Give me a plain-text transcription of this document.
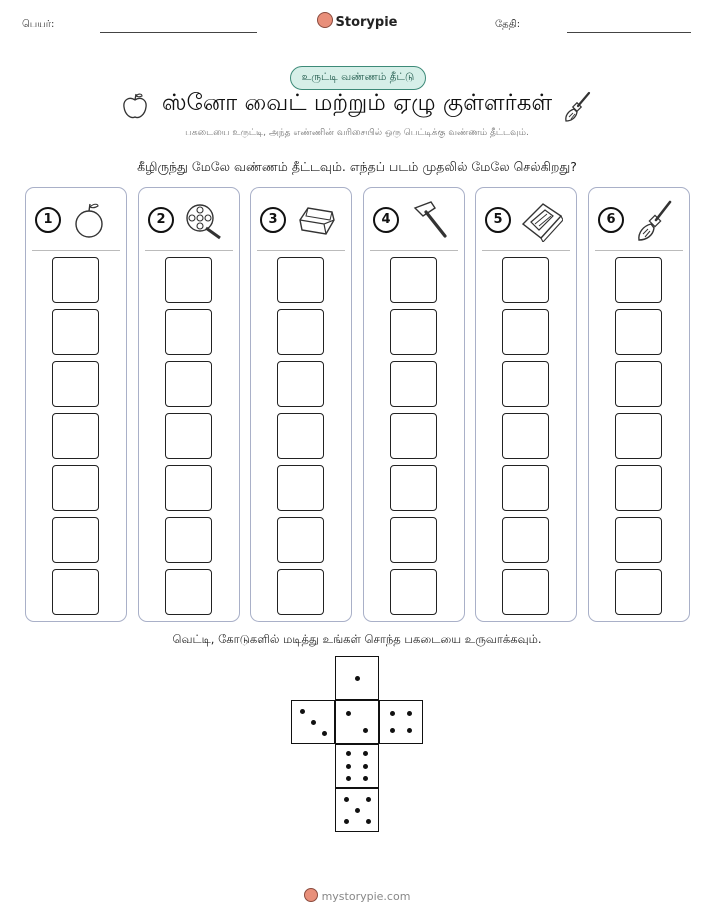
பெயர்:	Storypie	தேதி:
உருட்டி வண்ணம் தீட்டு
ஸ்னோ வைட் மற்றும் ஏழு குள்ளர்கள்
பகடையை உருட்டி, அந்த எண்ணின் வரிசையில் ஒரு பெட்டிக்கு வண்ணம் தீட்டவும்.
கீழிருந்து மேலே வண்ணம் தீட்டவும். எந்தப் படம் முதலில் மேலே செல்கிறது?
1	2	3	4	5	6
வெட்டி, கோடுகளில் மடித்து உங்கள் சொந்த பகடையை உருவாக்கவும்.
mystorypie.com
